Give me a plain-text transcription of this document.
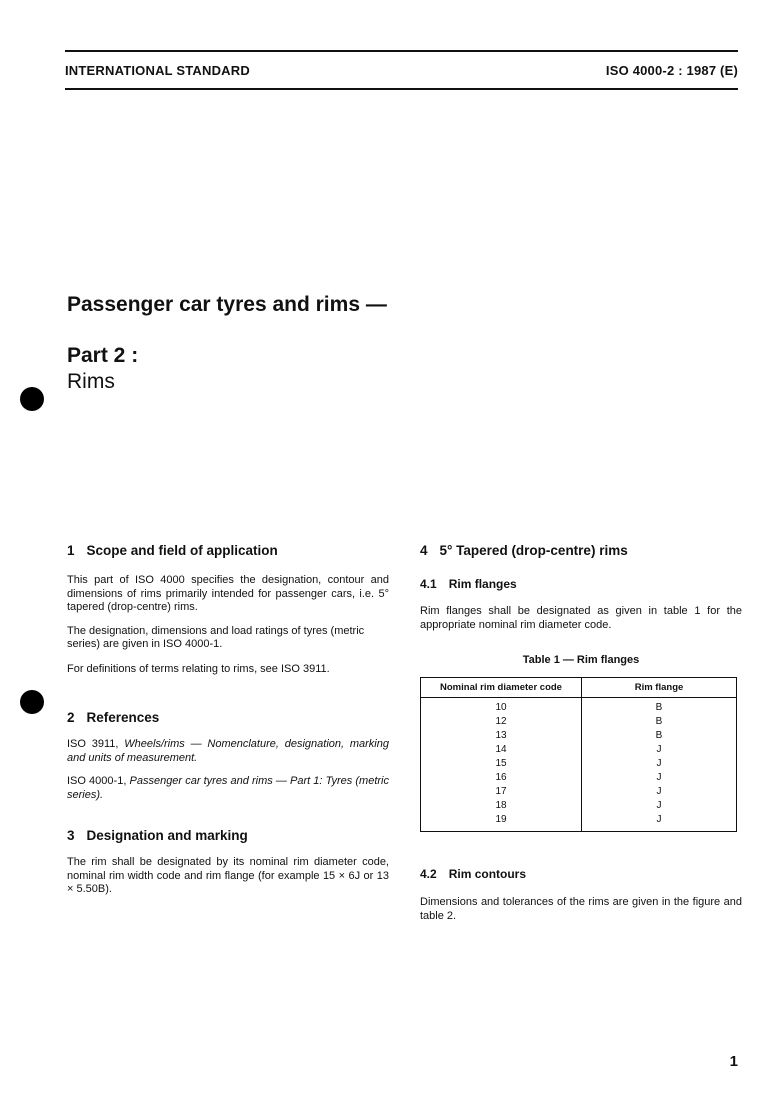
INTERNATIONAL STANDARD	ISO 4000-2 : 1987 (E)
Passenger car tyres and rims —
Part 2 :
Rims
1 Scope and field of application
This part of ISO 4000 specifies the designation, contour and dimensions of rims primarily intended for passenger cars, i.e. 5° tapered (drop-centre) rims.
The designation, dimensions and load ratings of tyres (metric series) are given in ISO 4000-1.
For definitions of terms relating to rims, see ISO 3911.
2 References
ISO 3911, Wheels/rims — Nomenclature, designation, marking and units of measurement.
ISO 4000-1, Passenger car tyres and rims — Part 1: Tyres (metric series).
3 Designation and marking
The rim shall be designated by its nominal rim diameter code, nominal rim width code and rim flange (for example 15 × 6J or 13 × 5.50B).
4 5° Tapered (drop-centre) rims
4.1 Rim flanges
Rim flanges shall be designated as given in table 1 for the appropriate nominal rim diameter code.
Table 1 — Rim flanges
Nominal rim diameter code	Rim flange
10	B
12	B
13	B
14	J
15	J
16	J
17	J
18	J
19	J
4.2 Rim contours
Dimensions and tolerances of the rims are given in the figure and table 2.
1
